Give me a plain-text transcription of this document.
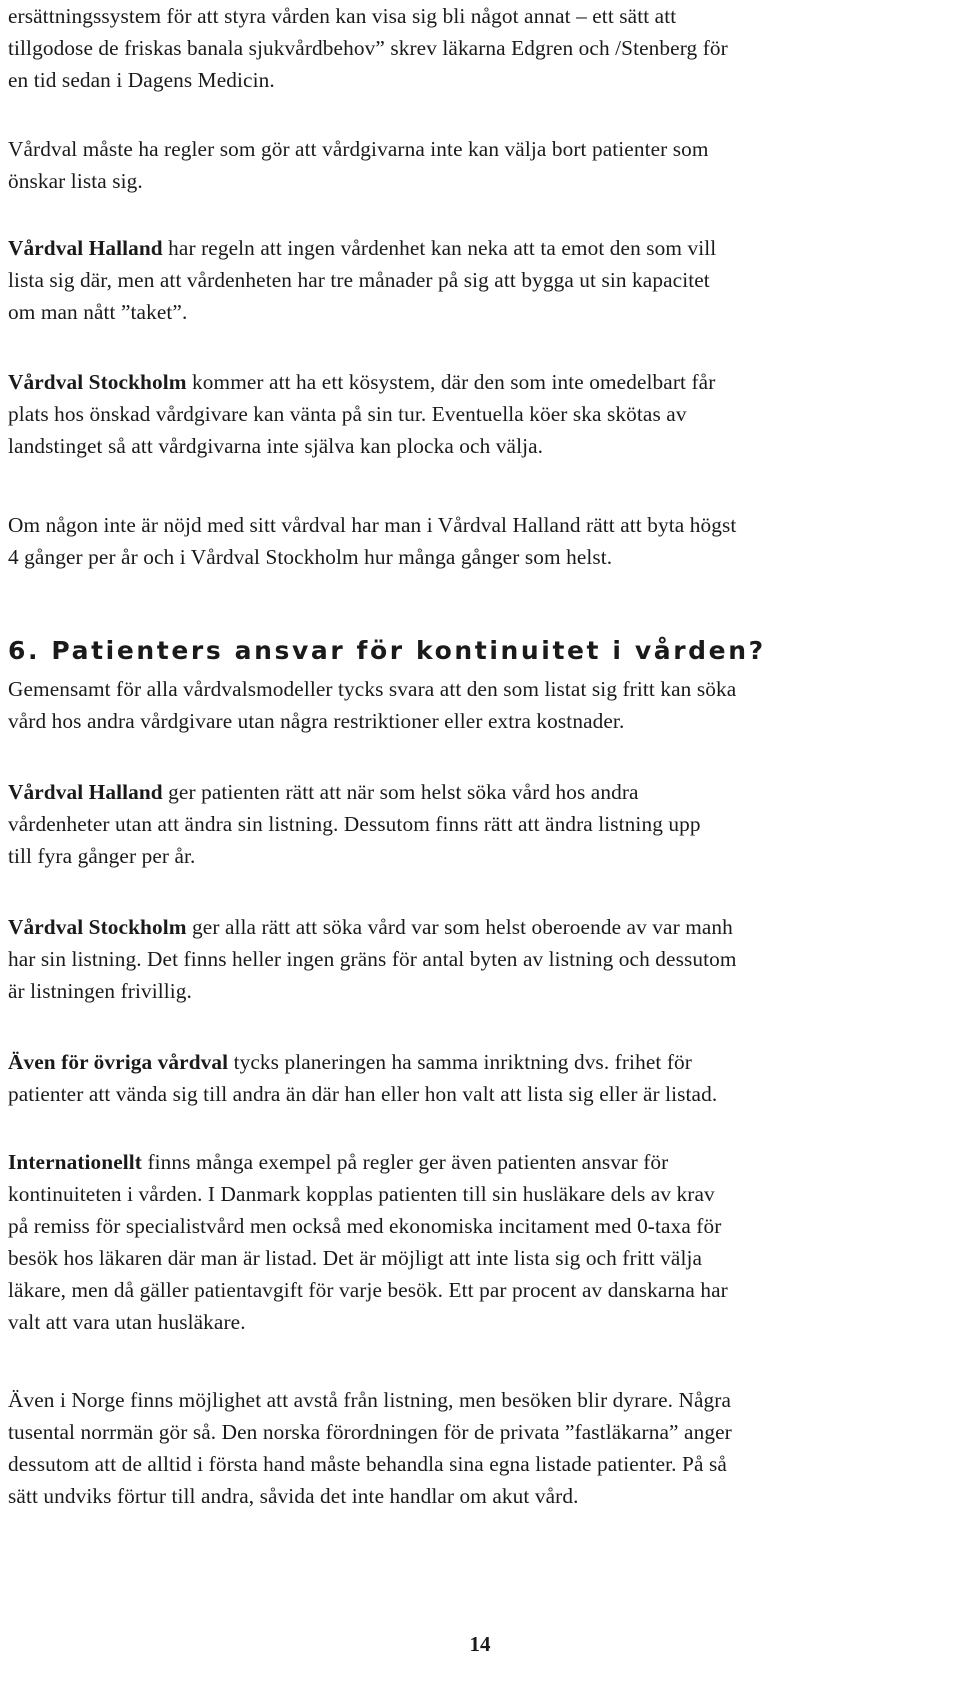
ersättningssystem för att styra vården kan visa sig bli något annat – ett sätt att
tillgodose de friskas banala sjukvårdbehov” skrev läkarna Edgren och /Stenberg för
en tid sedan i Dagens Medicin.

Vårdval måste ha regler som gör att vårdgivarna inte kan välja bort patienter som
önskar lista sig.

Vårdval Halland har regeln att ingen vårdenhet kan neka att ta emot den som vill
lista sig där, men att vårdenheten har tre månader på sig att bygga ut sin kapacitet
om man nått ”taket”.

Vårdval Stockholm kommer att ha ett kösystem, där den som inte omedelbart får
plats hos önskad vårdgivare kan vänta på sin tur. Eventuella köer ska skötas av
landstinget så att vårdgivarna inte själva kan plocka och välja.

Om någon inte är nöjd med sitt vårdval har man i Vårdval Halland rätt att byta högst
4 gånger per år och i Vårdval Stockholm hur många gånger som helst.

6. Patienters ansvar för kontinuitet i vården?

Gemensamt för alla vårdvalsmodeller tycks svara att den som listat sig fritt kan söka
vård hos andra vårdgivare utan några restriktioner eller extra kostnader.

Vårdval Halland ger patienten rätt att när som helst söka vård hos andra
vårdenheter utan att ändra sin listning. Dessutom finns rätt att ändra listning upp
till fyra gånger per år.

Vårdval Stockholm ger alla rätt att söka vård var som helst oberoende av var manh
har sin listning. Det finns heller ingen gräns för antal byten av listning och dessutom
är listningen frivillig.

Även för övriga vårdval tycks planeringen ha samma inriktning dvs. frihet för
patienter att vända sig till andra än där han eller hon valt att lista sig eller är listad.

Internationellt finns många exempel på regler ger även patienten ansvar för
kontinuiteten i vården. I Danmark kopplas patienten till sin husläkare dels av krav
på remiss för specialistvård men också med ekonomiska incitament med 0-taxa för
besök hos läkaren där man är listad. Det är möjligt att inte lista sig och fritt välja
läkare, men då gäller patientavgift för varje besök. Ett par procent av danskarna har
valt att vara utan husläkare.

Även i Norge finns möjlighet att avstå från listning, men besöken blir dyrare. Några
tusental norrmän gör så. Den norska förordningen för de privata ”fastläkarna” anger
dessutom att de alltid i första hand måste behandla sina egna listade patienter. På så
sätt undviks förtur till andra, såvida det inte handlar om akut vård.

14
